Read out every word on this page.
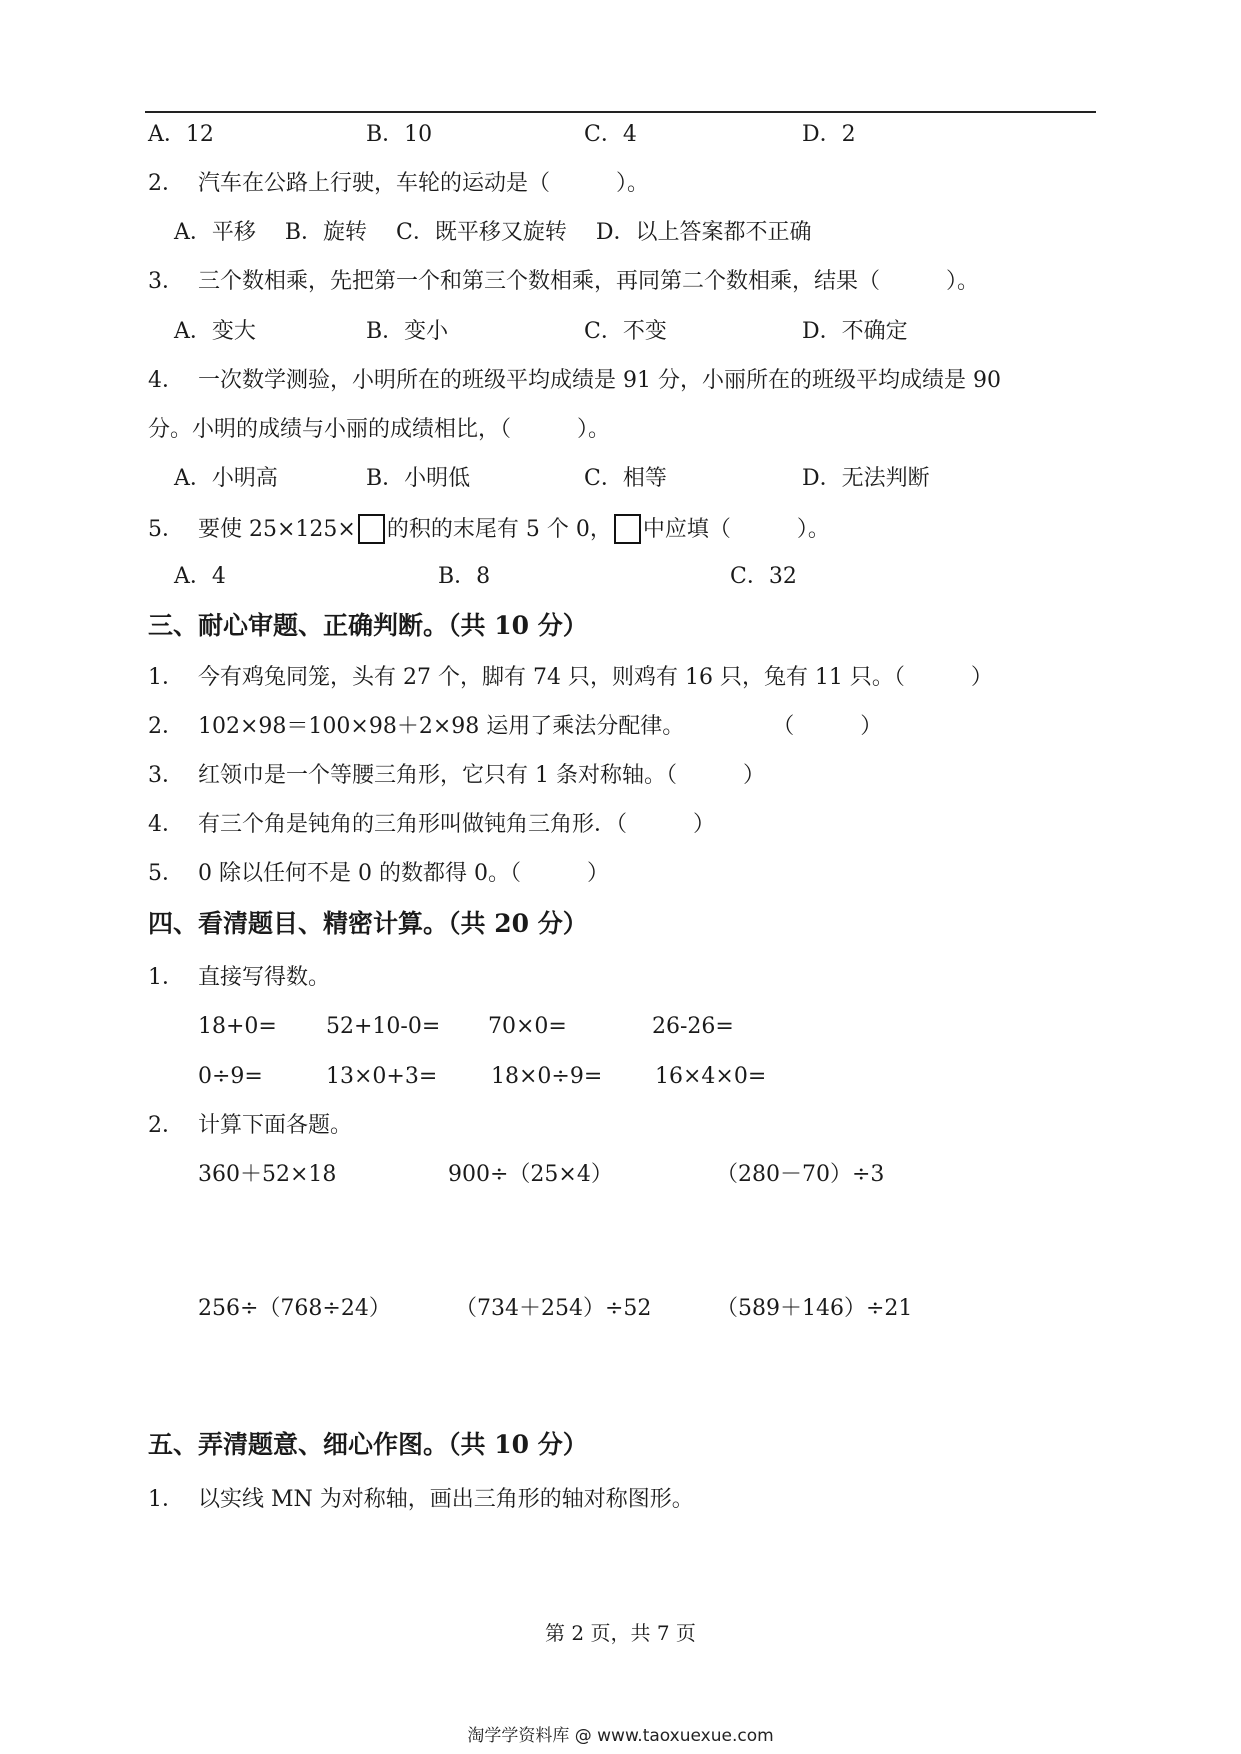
A．12	B．10	C．4	D．2
2． 汽车在公路上行驶，车轮的运动是（　　　）。
A．平移　 B．旋转　 C．既平移又旋转　 D．以上答案都不正确
3． 三个数相乘，先把第一个和第三个数相乘，再同第二个数相乘，结果（　　　）。
A．变大	B．变小	C．不变	D．不确定
4． 一次数学测验，小明所在的班级平均成绩是 91 分，小丽所在的班级平均成绩是 90
分。小明的成绩与小丽的成绩相比，（　　　）。
A．小明高	B．小明低	C．相等	D．无法判断
5． 要使 25×125× 的积的末尾有 5 个 0， 中应填（　　　）。
A．4	B．8	C．32
三、耐心审题、正确判断。（共 10 分）
1． 今有鸡兔同笼，头有 27 个，脚有 74 只，则鸡有 16 只，兔有 11 只。（　　　）
2． 102×98＝100×98＋2×98 运用了乘法分配律。　　　　　（　　　）
3． 红领巾是一个等腰三角形，它只有 1 条对称轴。（　　　）
4． 有三个角是钝角的三角形叫做钝角三角形．（　　　）
5． 0 除以任何不是 0 的数都得 0。（　　　）
四、看清题目、精密计算。（共 20 分）
1． 直接写得数。
18+0= 52+10-0= 70×0=	26-26=
0÷9=	13×0+3= 18×0÷9= 16×4×0=
2． 计算下面各题。
360＋52×18	900÷（25×4）	（280－70）÷3
256÷（768÷24）	（734＋254）÷52	（589＋146）÷21
五、弄清题意、细心作图。（共 10 分）
1． 以实线 MN 为对称轴，画出三角形的轴对称图形。
第 2 页，共 7 页
淘学学资料库 @ www.taoxuexue.com
